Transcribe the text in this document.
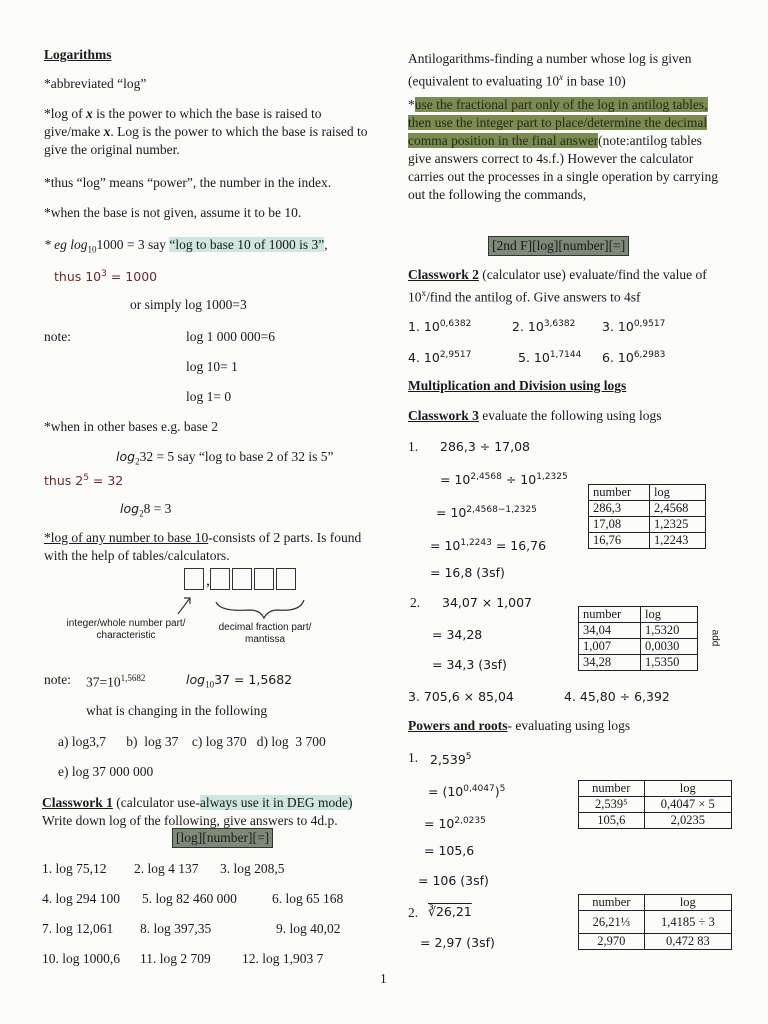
Logarithms
*abbreviated “log”
*log of x is the power to which the base is raised to give/make x. Log is the power to which the base is raised to give the original number.
*thus “log” means “power”, the number in the index.
*when the base is not given, assume it to be 10.
* eg $\log_{10}1000 = 3$ say “log to base 10 of 1000 is 3”,
thus $10^3 = 1000$
or simply log 1000=3
note:	log 1 000 000=6
log 10= 1
log 1= 0
*when in other bases e.g. base 2
$\log_232 = 5$ say “log to base 2 of 32 is 5”
thus $2^5 = 32$
$\log_28 = 3$
*log of any number to base 10-consists of 2 parts. Is found with the help of tables/calculators.
,
integer/whole number part/ characteristic
decimal fraction part/ mantissa
note: $37=10^{1,5682}$	$\log_{10}37 = 1,5682$
what is changing in the following
a) log3,7      b)  log 37    c) log 370   d) log  3 700
e) log 37 000 000
Classwork 1 (calculator use-always use it in DEG mode) Write down log of the following, give answers to 4d.p.
[log][number][=]
1. log 75,12 2. log 4 137 3. log 208,5
4. log 294 100 5. log 82 460 000	6. log 65 168
7. log 12,061 8. log 397,35	9. log 40,02
10. log 1000,6 11. log 2 709 12. log 1,903 7
Antilogarithms-finding a number whose log is given (equivalent to evaluating 10$^x$ in base 10)
*use the fractional part only of the log in antilog tables, then use the integer part to place/determine the decimal comma position in the final answer(note:antilog tables give answers correct to 4s.f.) However the calculator carries out the processes in a single operation by carrying out the following the commands,
[2nd F][log][number][=]
Classwork 2 (calculator use) evaluate/find the value of 10$^x$/find the antilog of. Give answers to 4sf
1. $10^{0,6382}$	2. $10^{3,6382}$ 3. $10^{0,9517}$
4. $10^{2,9517}$	5. $10^{1,7144}$ 6. $10^{6,2983}$
Multiplication and Division using logs
Classwork 3 evaluate the following using logs
1. 286,3 ÷ 17,08
= $10^{2,4568} \div 10^{1,2325}$
= $10^{2,4568-1,2325}$
= $10^{1,2243} = 16,76$
= 16,8 (3sf)
number	log
286,3	2,4568
17,08	1,2325
16,76	1,2243
2. 34,07 × 1,007
= 34,28
= 34,3 (3sf)
number	log
34,04	1,5320
1,007	0,0030
34,28	1,5350
add
3. 705,6 × 85,04	4. 45,80 ÷ 6,392
Powers and roots- evaluating using logs
1. $2,539^5$
= $(10^{0,4047})^5$
= $10^{2,0235}$
= 105,6
= 106 (3sf)
number	log
2,539⁵	0,4047 × 5
105,6	2,0235
2. ∛26,21
= 2,97 (3sf)
number	log
26,21⅓	1,4185 ÷ 3
2,970	0,472 83
1
